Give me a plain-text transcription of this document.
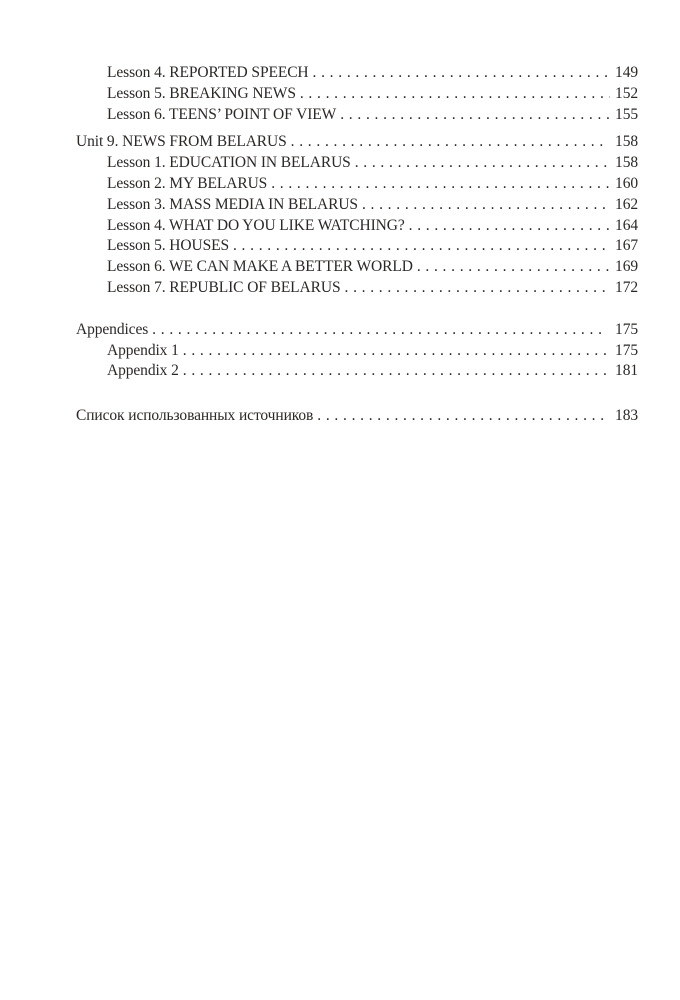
Lesson 4. REPORTED SPEECH .....	149
Lesson 5. BREAKING NEWS .....	152
Lesson 6. TEENS’ POINT OF VIEW .....	155
Unit 9. NEWS FROM BELARUS .....	158
Lesson 1. EDUCATION IN BELARUS .....	158
Lesson 2. MY BELARUS .....	160
Lesson 3. MASS MEDIA IN BELARUS .....	162
Lesson 4. WHAT DO YOU LIKE WATCHING? .....	164
Lesson 5. HOUSES .....	167
Lesson 6. WE CAN MAKE A BETTER WORLD .....	169
Lesson 7. REPUBLIC OF BELARUS .....	172
Appendices .....	175
Appendix 1 .....	175
Appendix 2 .....	181
Список использованных источников .....	183
